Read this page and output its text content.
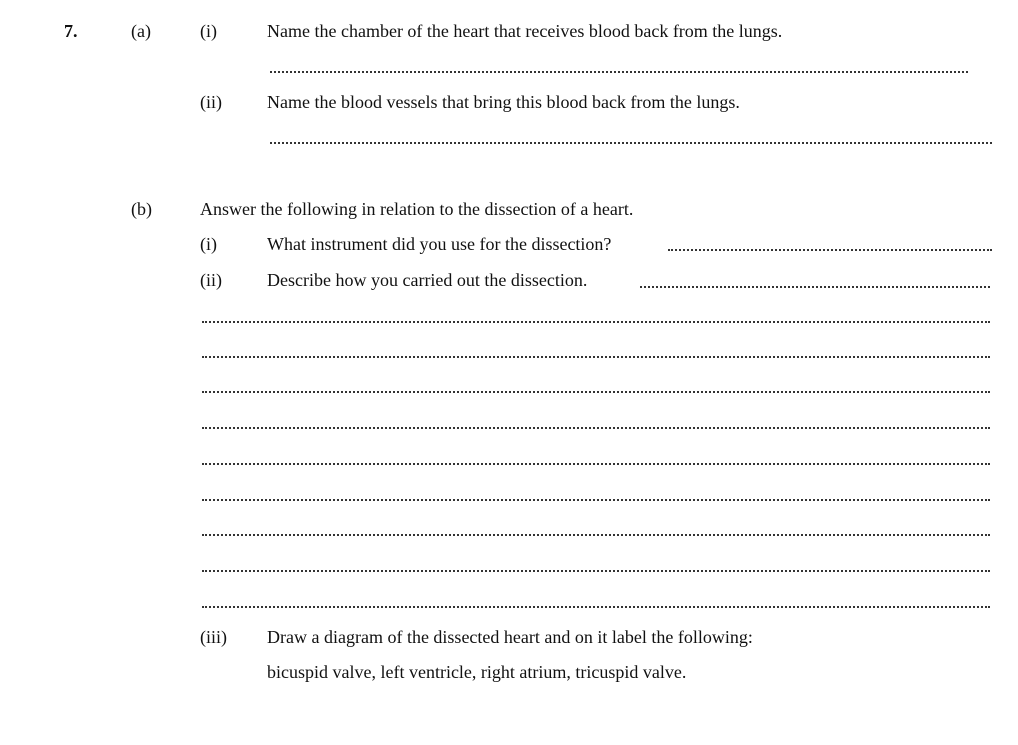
7.	(a)	(i)	Name the chamber of the heart that receives blood back from the lungs.
(ii)	Name the blood vessels that bring this blood back from the lungs.
(b)	Answer the following in relation to the dissection of a heart.
(i)	What instrument did you use for the dissection?
(ii)	Describe how you carried out the dissection.
(iii) Draw a diagram of the dissected heart and on it label the following:
bicuspid valve, left ventricle, right atrium, tricuspid valve.
